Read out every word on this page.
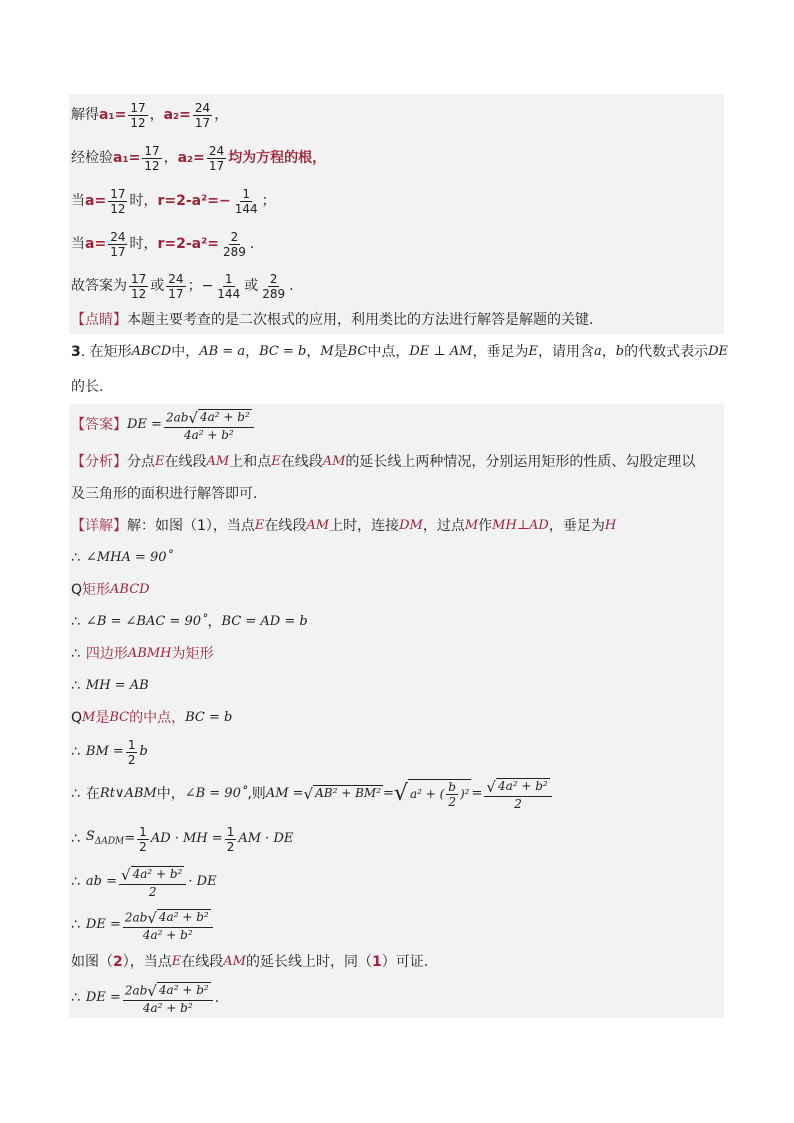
解得 $a_1= \frac{17}{12}$ ， $a_2= \frac{24}{17}$ ，
经检验 $a_1= \frac{17}{12}$ ， $a_2= \frac{24}{17}$ 均为方程的根，
当 $a= \frac{17}{12}$ 时， $r=2-a^2=- \frac{1}{144}$ ；
当 $a= \frac{24}{17}$ 时， $r=2-a^2= \frac{2}{289}$ .
故答案为 $\frac{17}{12}$ 或 $\frac{24}{17}$ ； − $\frac{1}{144}$ 或 $\frac{2}{289}$ .
【点睛】 本题主要考查的是二次根式的应用，利用类比的方法进行解答是解题的关键.
3 . 在矩形 ABCD 中， AB = a ， BC = b ， M 是 BC 中点， DE ⊥ AM ，垂足为 E ，请用含 a ， b 的代数式表示 DE
的长.
【答案】 DE = $\frac{\text{2ab √ 4a² + b²}}{\text{4a² + b²}}$
【分析】 分点 E 在线段 AM 上和点 E 在线段 AM 的延长线上两种情况，分别运用矩形的性质、勾股定理以
及三角形的面积进行解答即可.
【详解】 解：如图（1），当点 E 在线段 AM 上时，连接 DM ，过点 M 作 MH⊥AD ，垂足为 H
∴ ∠MHA = 90˚
Q 矩形 ABCD
∴ ∠B = ∠BAC = 90˚ ， BC = AD = b
∴ 四边形 ABMH 为矩形
∴ MH = AB
Q M 是 BC 的中点， BC = b
∴ BM = $\frac{1}{2}$ b
∴ 在 Rt∨ABM 中， ∠B = 90˚ ,则 AM = √ AB² + BM² = √ a² + ( $\frac{b}{2} )^2 = \frac{\text{√ 4a² + b²}}{2}$
∴ $S_{\Delta ADM} = \frac{1}{2}$ AD · MH = $\frac{1}{2}$ AM · DE
∴ ab = $\frac{\text{√ 4a² + b²}}{2}$ · DE
∴ DE = $\frac{\text{2ab √ 4a² + b²}}{\text{4a² + b²}}$
如图（ 2 ），当点 E 在线段 AM 的延长线上时，同（ 1 ）可证.
∴ DE = $\frac{\text{2ab √ 4a² + b²}}{\text{4a² + b²}}$ .
